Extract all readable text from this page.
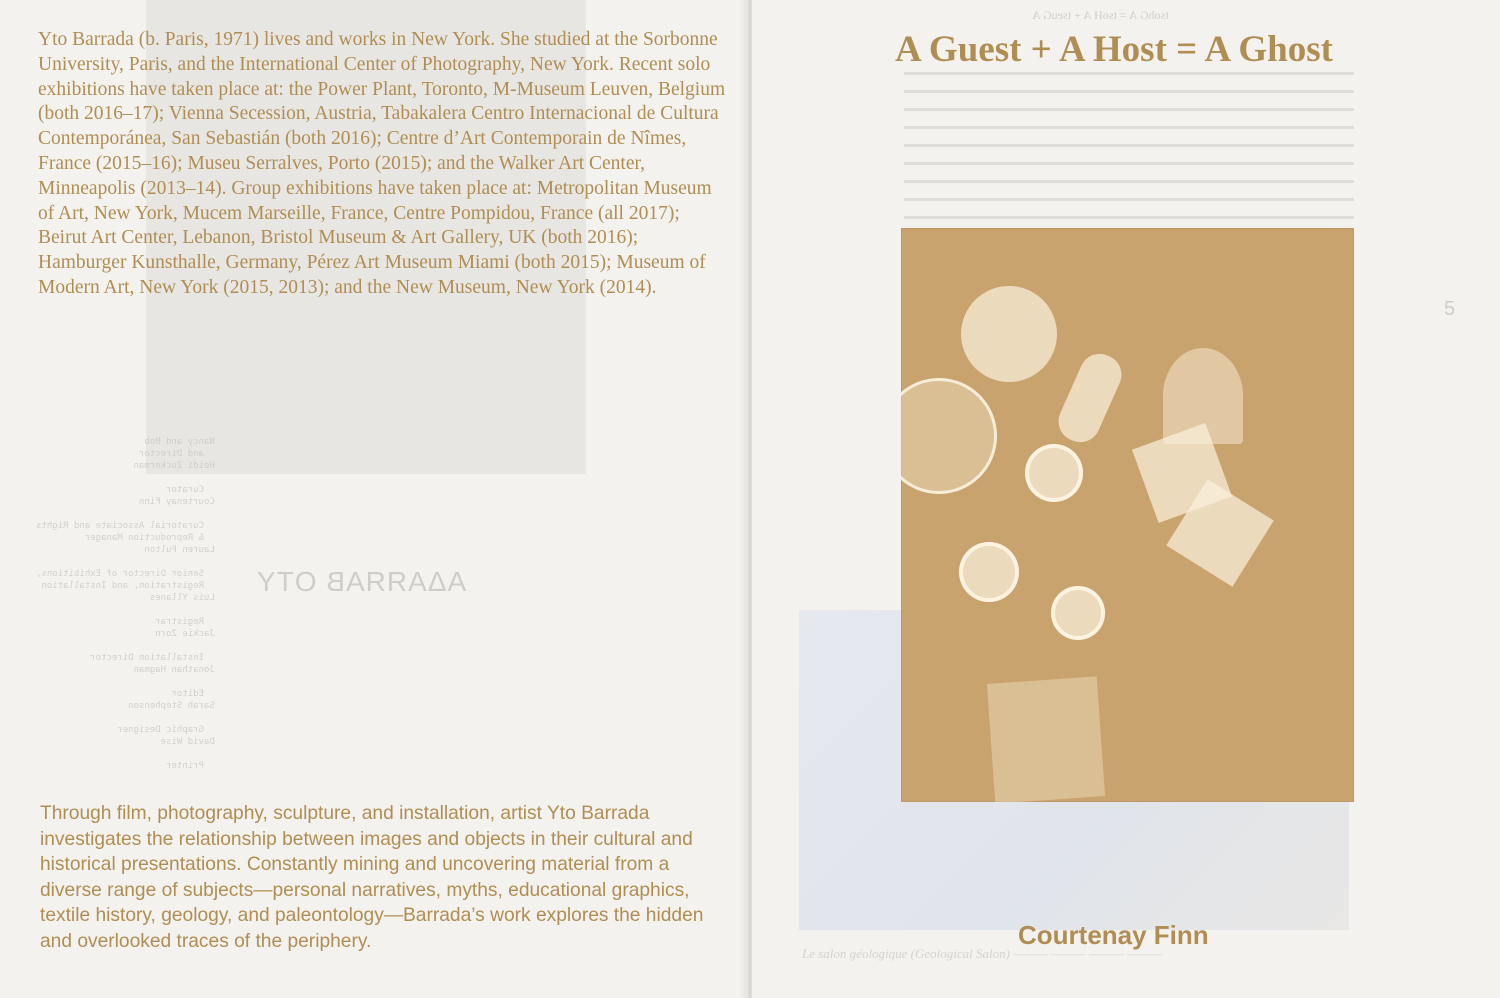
Nancy and Bob
and Director
Heidi Zuckerman

Curator
Courtenay Finn

Curatorial Associate and Rights
& Reproduction Manager
Lauren Fulton

Senior Director of Exhibitions,
Registration, and Installation
Luis Yllanes

Registrar
Jackie Zorn

Installation Director
Jonathan Hagman

Editor
Sarah Stephenson

Graphic Designer
David Wise

Printer
AΔAЯЯAB OTY

Yto Barrada (b. Paris, 1971) lives and works in New York. She studied at the Sorbonne University, Paris, and the International Center of Photography, New York. Recent solo exhibitions have taken place at: the Power Plant, Toronto, M-Museum Leuven, Belgium (both 2016–17); Vienna Secession, Austria, Tabakalera Centro Internacional de Cultura Contemporánea, San Sebastián (both 2016); Centre d’Art Contemporain de Nîmes, France (2015–16); Museu Serralves, Porto (2015); and the Walker Art Center, Minneapolis (2013–14). Group exhibitions have taken place at: Metropolitan Museum of Art, New York, Mucem Marseille, France, Centre Pompidou, France (all 2017); Beirut Art Center, Lebanon, Bristol Museum & Art Gallery, UK (both 2016); Hamburger Kunsthalle, Germany, Pérez Art Museum Miami (both 2015); Museum of Modern Art, New York (2015, 2013); and the New Museum, New York (2014).

Through film, photography, sculpture, and installation, artist Yto Barrada investigates the relationship between images and objects in their cultural and historical presentations. Constantly mining and uncovering material from a diverse range of subjects—personal narratives, myths, educational graphics, textile history, geology, and paleontology—Barrada’s work explores the hidden and overlooked traces of the periphery.

tsohG A = tsoH A + tseuG A
5
A Guest + A Host = A Ghost
Le salon géologique (Geological Salon) ——— ——— ——— ———
Courtenay Finn
